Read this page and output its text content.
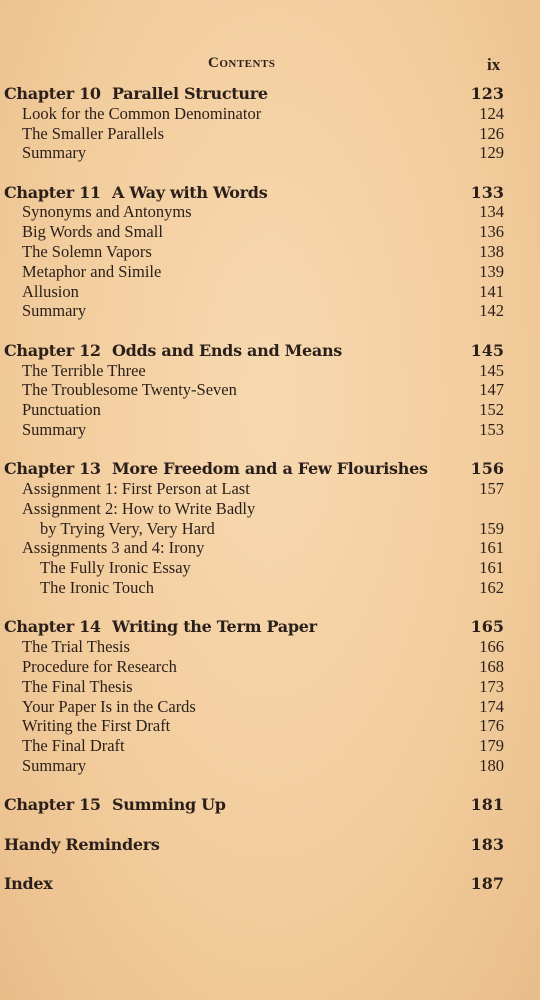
Contents	ix
Chapter 10 Parallel Structure	123
Look for the Common Denominator	124
The Smaller Parallels	126
Summary	129
Chapter 11 A Way with Words	133
Synonyms and Antonyms	134
Big Words and Small	136
The Solemn Vapors	138
Metaphor and Simile	139
Allusion	141
Summary	142
Chapter 12 Odds and Ends and Means	145
The Terrible Three	145
The Troublesome Twenty-Seven	147
Punctuation	152
Summary	153
Chapter 13 More Freedom and a Few Flourishes	156
Assignment 1: First Person at Last	157
Assignment 2: How to Write Badly
by Trying Very, Very Hard	159
Assignments 3 and 4: Irony	161
The Fully Ironic Essay	161
The Ironic Touch	162
Chapter 14 Writing the Term Paper	165
The Trial Thesis	166
Procedure for Research	168
The Final Thesis	173
Your Paper Is in the Cards	174
Writing the First Draft	176
The Final Draft	179
Summary	180
Chapter 15 Summing Up	181
Handy Reminders	183
Index	187
